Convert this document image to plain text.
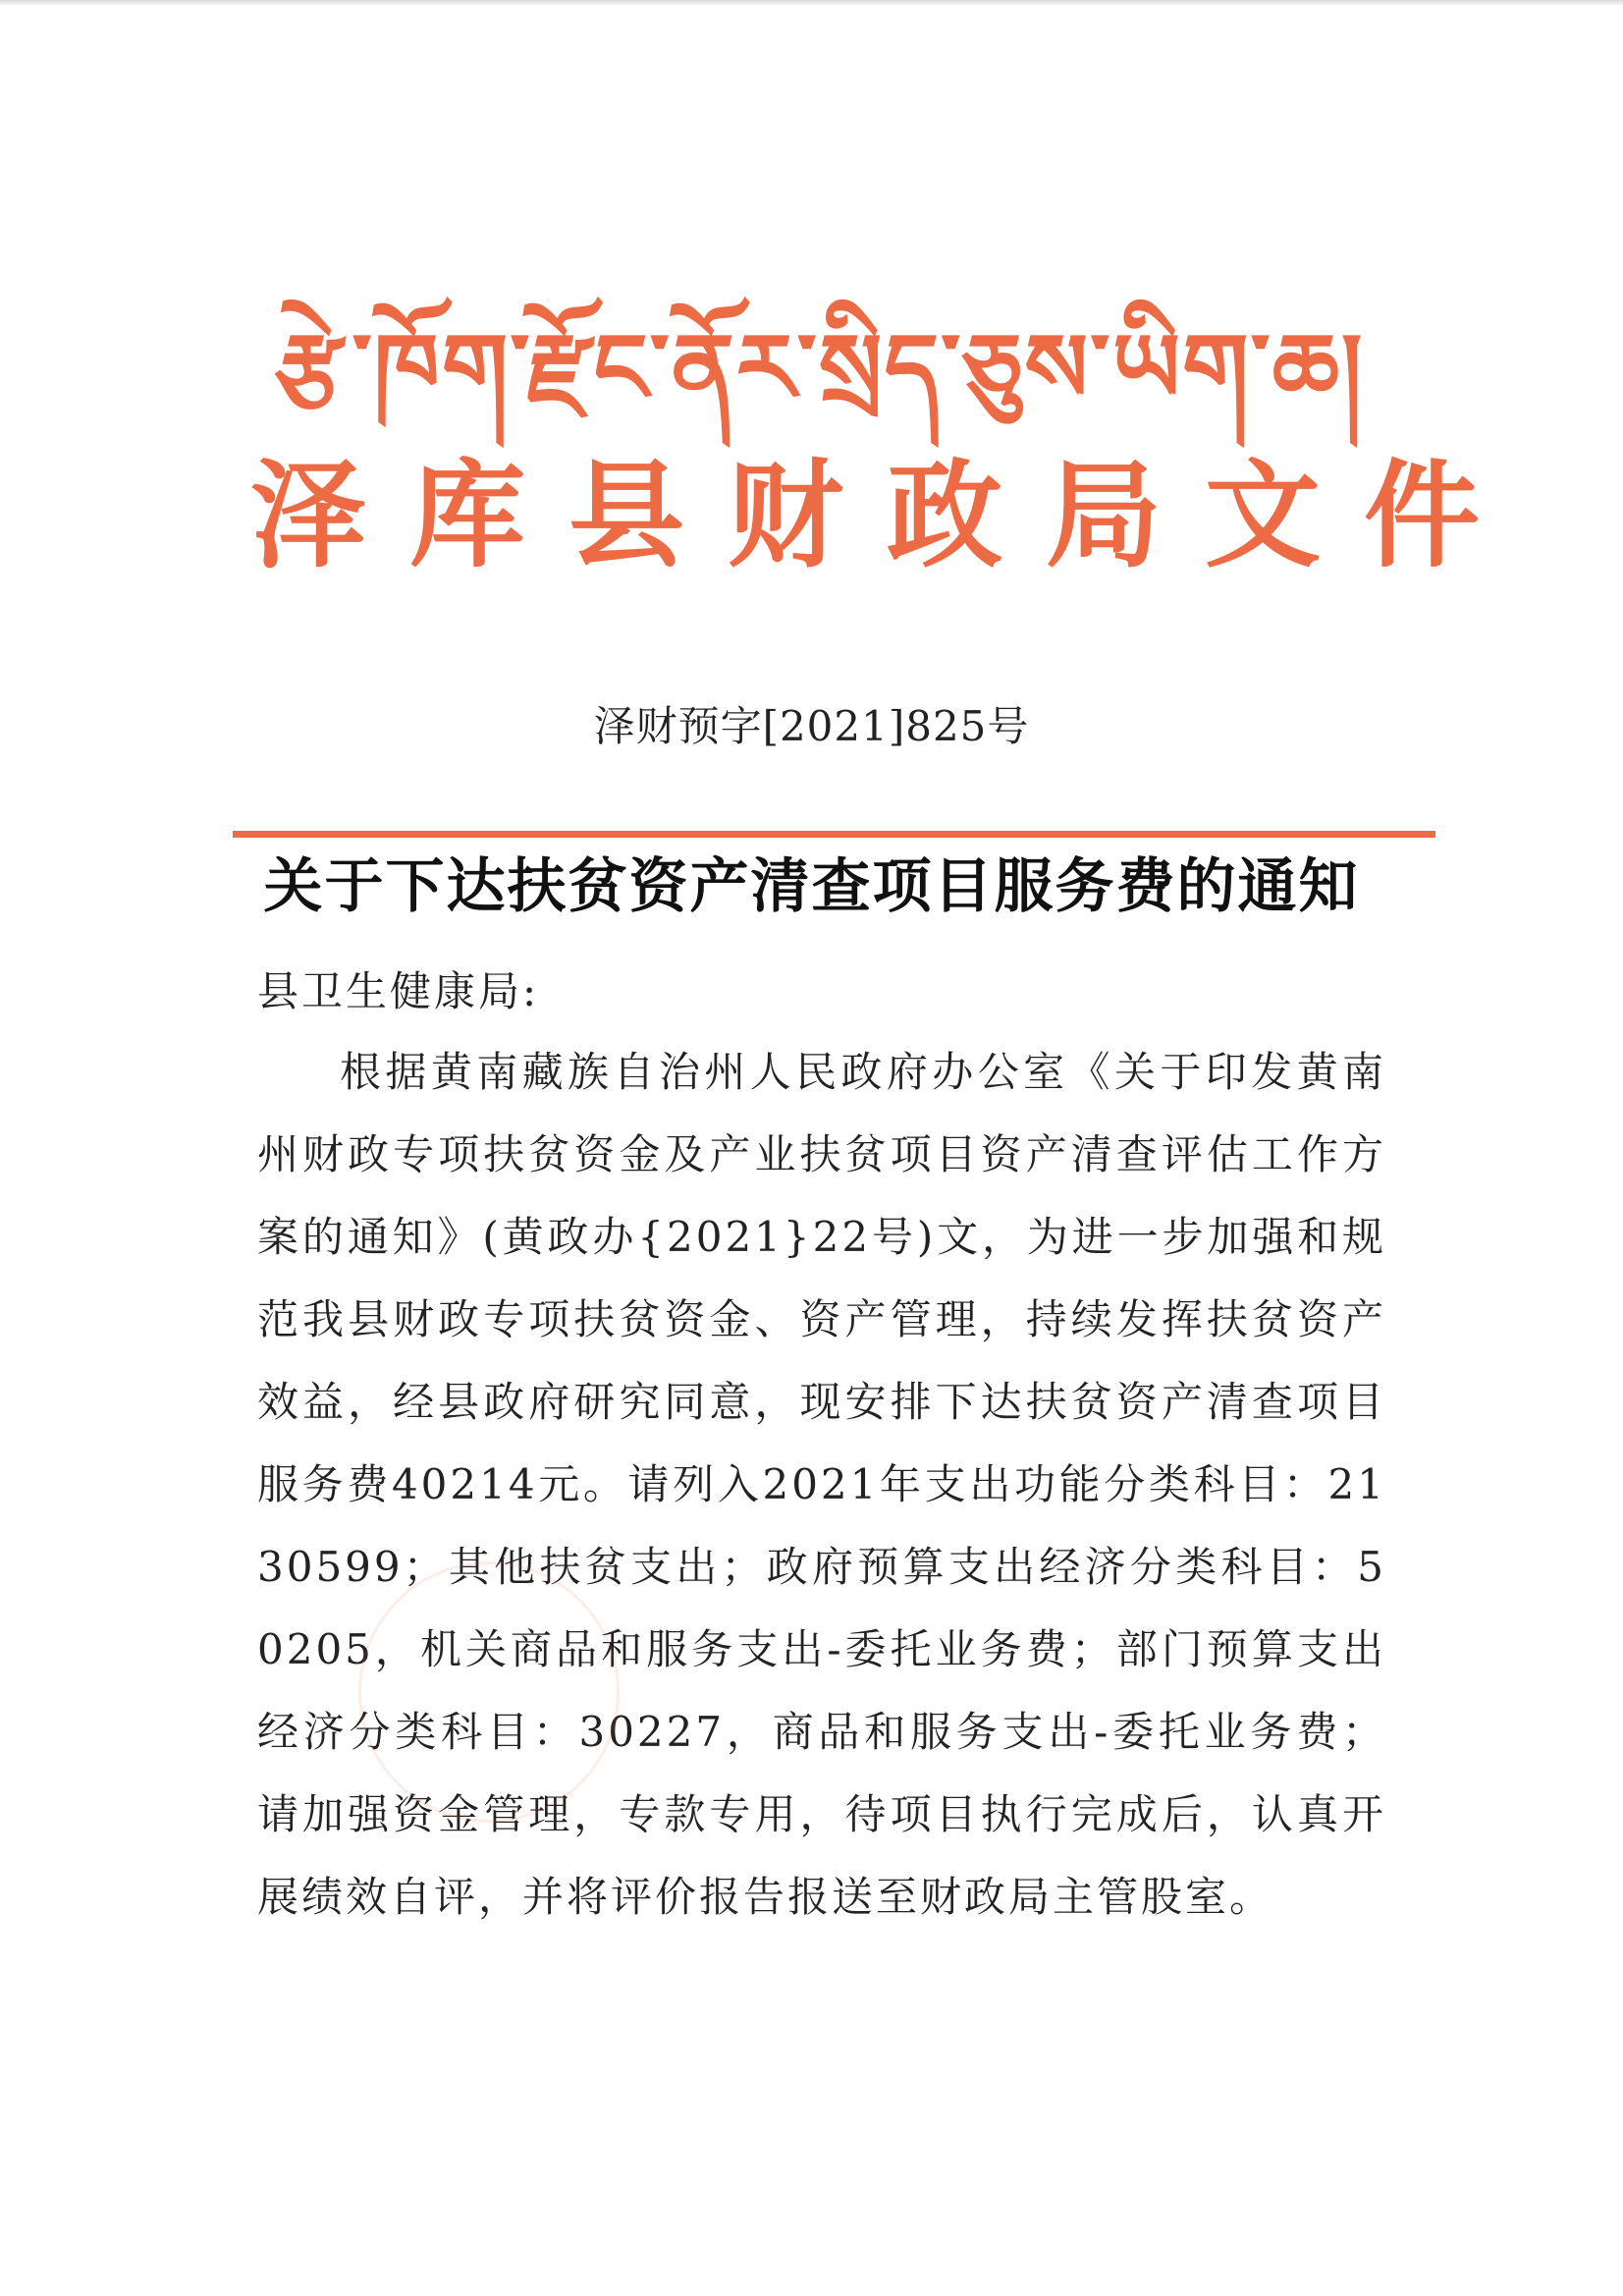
རྩེ་ཁོག་རྫོང་ནོར་སྲིད་ཅུས་ཡིག་ཆ།
泽库县财政局文件
泽财预字[2021]825号
关于下达扶贫资产清查项目服务费的通知
县卫生健康局:

根据黄南藏族自治州人民政府办公室《关于印发黄南州财政专项扶贫资金及产业扶贫项目资产清查评估工作方案的通知》(黄政办{2021}22号)文，为进一步加强和规范我县财政专项扶贫资金、资产管理，持续发挥扶贫资产效益，经县政府研究同意，现安排下达扶贫资产清查项目服务费40214元。请列入2021年支出功能分类科目：2130599；其他扶贫支出；政府预算支出经济分类科目：50205，机关商品和服务支出-委托业务费；部门预算支出经济分类科目：30227，商品和服务支出-委托业务费；请加强资金管理，专款专用，待项目执行完成后，认真开展绩效自评，并将评价报告报送至财政局主管股室。
